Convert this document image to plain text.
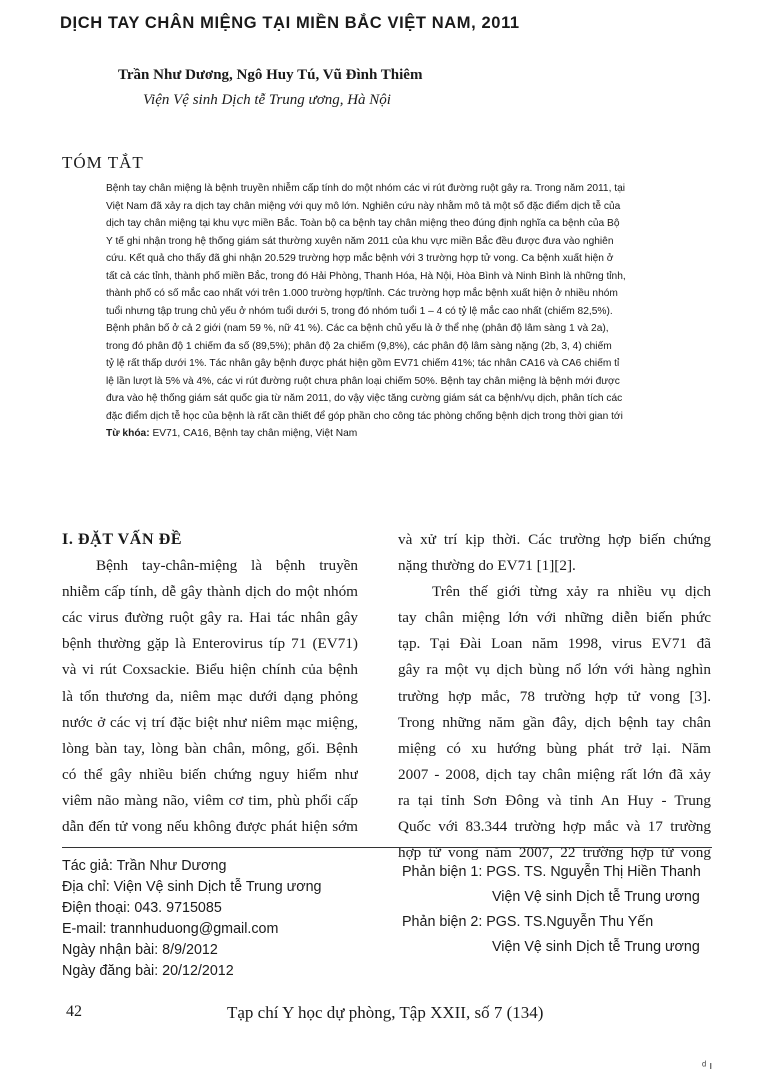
DỊCH TAY CHÂN MIỆNG TẠI MIỀN BẮC VIỆT NAM, 2011
Trần Như Dương, Ngô Huy Tú, Vũ Đình Thiêm
Viện Vệ sinh Dịch tễ Trung ương, Hà Nội
TÓM TẮT
Bệnh tay chân miệng là bệnh truyền nhiễm cấp tính do một nhóm các vi rút đường ruột gây ra. Trong năm 2011, tại
Việt Nam đã xảy ra dịch tay chân miệng với quy mô lớn. Nghiên cứu này nhằm mô tả một số đặc điểm dịch tễ của
dịch tay chân miệng tại khu vực miền Bắc. Toàn bộ ca bệnh tay chân miệng theo đúng định nghĩa ca bệnh của Bộ
Y tế ghi nhận trong hệ thống giám sát thường xuyên năm 2011 của khu vực miền Bắc đều được đưa vào nghiên
cứu. Kết quả cho thấy đã ghi nhận 20.529 trường hợp mắc bệnh với 3 trường hợp tử vong. Ca bệnh xuất hiện ở
tất cả các tỉnh, thành phố miền Bắc, trong đó Hải Phòng, Thanh Hóa, Hà Nội, Hòa Bình và Ninh Bình là những tỉnh,
thành phố có số mắc cao nhất với trên 1.000 trường hợp/tỉnh. Các trường hợp mắc bệnh xuất hiện ở nhiều nhóm
tuổi nhưng tập trung chủ yếu ở nhóm tuổi dưới 5, trong đó nhóm tuổi 1 – 4 có tỷ lệ mắc cao nhất (chiếm 82,5%).
Bệnh phân bố ở cả 2 giới (nam 59 %, nữ 41 %). Các ca bệnh chủ yếu là ở thể nhẹ (phân độ lâm sàng 1 và 2a),
trong đó phân độ 1 chiếm đa số (89,5%); phân độ 2a chiếm (9,8%), các phân độ lâm sàng nặng (2b, 3, 4) chiếm
tỷ lệ rất thấp dưới 1%. Tác nhân gây bệnh được phát hiện gồm EV71 chiếm 41%; tác nhân CA16 và CA6 chiếm tỉ
lệ lần lượt là 5% và 4%, các vi rút đường ruột chưa phân loại chiếm 50%. Bệnh tay chân miệng là bệnh mới được
đưa vào hệ thống giám sát quốc gia từ năm 2011, do vậy việc tăng cường giám sát ca bệnh/vụ dịch, phân tích các
đặc điểm dịch tễ học của bệnh là rất cần thiết để góp phần cho công tác phòng chống bệnh dịch trong thời gian tới
Từ khóa: EV71, CA16, Bệnh tay chân miệng, Việt Nam
I. ĐẶT VẤN ĐỀ
Bệnh tay-chân-miệng là bệnh truyền
nhiễm cấp tính, dễ gây thành dịch do một nhóm
các virus đường ruột gây ra. Hai tác nhân gây
bệnh thường gặp là Enterovirus típ 71 (EV71)
và vi rút Coxsackie. Biểu hiện chính của bệnh
là tổn thương da, niêm mạc dưới dạng phỏng
nước ở các vị trí đặc biệt như niêm mạc miệng,
lòng bàn tay, lòng bàn chân, mông, gối. Bệnh
có thể gây nhiều biến chứng nguy hiểm như
viêm não màng não, viêm cơ tim, phù phổi cấp
dẫn đến tử vong nếu không được phát hiện sớm
và xử trí kịp thời. Các trường hợp biến chứng
nặng thường do EV71 [1][2].
Trên thế giới từng xảy ra nhiều vụ dịch
tay chân miệng lớn với những diễn biến phức
tạp. Tại Đài Loan năm 1998, virus EV71 đã
gây ra một vụ dịch bùng nổ lớn với hàng nghìn
trường hợp mắc, 78 trường hợp tử vong [3].
Trong những năm gần đây, dịch bệnh tay chân
miệng có xu hướng bùng phát trở lại. Năm
2007 - 2008, dịch tay chân miệng rất lớn đã xảy
ra tại tỉnh Sơn Đông và tỉnh An Huy - Trung
Quốc với 83.344 trường hợp mắc và 17 trường
hợp tử vong năm 2007, 22 trường hợp tử vong
Tác giả: Trần Như Dương
Địa chỉ: Viện Vệ sinh Dịch tễ Trung ương
Điện thoại: 043. 9715085
E-mail: trannhuduong@gmail.com
Ngày nhận bài: 8/9/2012
Ngày đăng bài: 20/12/2012
Phản biện 1: PGS. TS. Nguyễn Thị Hiền Thanh
Viện Vệ sinh Dịch tễ Trung ương
Phản biện 2: PGS. TS.Nguyễn Thu Yến
Viện Vệ sinh Dịch tễ Trung ương
42	Tạp chí Y học dự phòng, Tập XXII, số 7 (134)
ᵈ ı
